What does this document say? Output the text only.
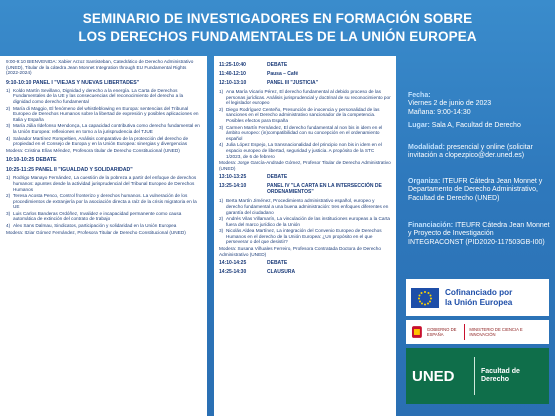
SEMINARIO DE INVESTIGADORES EN FORMACIÓN SOBRE
LOS DERECHOS FUNDAMENTALES DE LA UNIÓN EUROPEA

9:00-9:10 BIENVENIDA: Xabier Arzoz Santisteban, Catedrático de Derecho Administrativo (UNED), Titular de la cátedra Jean Monnet Integration through EU Fundamental Rights (2022-2024)

9:10-10:10 PANEL I "VIEJAS Y NUEVAS LIBERTADES"
1) Koldo Martín Sevillano, Dignidad y derecho a la energía. La Carta de Derechos Fundamentales de la UE y las consecuencias del reconocimiento del derecho a la dignidad como derecho fundamental
2) María di Maggio, El fenómeno del whistleblowing en Europa: sentencias del Tribunal Europeo de Derechos Humanos sobre la libertad de expresión y posibles aplicaciones en Italia y España
3) María Júlia Ildefonso Mendonça, La capacidad contributiva como derecho fundamental en la Unión Europea: reflexiones en torno a la jurisprudencia del TJUE
4) Salvador Martínez Rompeltien, Análisis comparativo de la protección del derecho de propiedad en el Consejo de Europa y en la Unión Europea: sinergias y divergencias

Modera: Cristina Elías Méndez, Profesora titular de Derecho Constitucional (UNED)

10:10-10:25 DEBATE
10:25-11:25 PANEL II "IGUALDAD Y SOLIDARIDAD"
1) Rodrigo Manayo Fernández, La cuestión de la pobreza a partir del enfoque de derechos humanos: apuntes desde la actividad jurisprudencial del Tribunal Europeo de Derechos Humanos
2) Teresa Acosta Penco, Control fronterizo y derechos humanos. La vulneración de los procedimientos de extranjería por la asociación directa a raíz de la crisis migratoria en la UE
3) Luis Carlos Banderas Ordóñez, Invalidez e incapacidad permanente como causa automática de extinción del contrato de trabajo
4) Alex Sans Dalmau, Sindicatos, participación y solidaridad en la Unión Europea

Modera: Itziar Gómez Fernández, Profesora Titular de Derecho Constitucional (UNED)

11:25-10:40	DEBATE
11:40-12:10	Pausa – Café
12:10-13:10	PANEL III "JUSTICIA"
1) Ana María Vicario Pérez, El derecho fundamental al debido proceso de las personas jurídicas. Análisis jurisprudencial y doctrinal de su reconocimiento por el legislador europeo
2) Diego Rodríguez Centeño, Presunción de inocencia y personalidad de las sanciones en el Derecho administrativo sancionador de la competencia. Posibles efectos para España
3) Carmen Martín Fernández, El derecho fundamental al non bis in idem en el ámbito europeo: (in)compatibilidad con su concepción en el ordenamiento español
4) Julia López Espejo, La transnacionalidad del principio non bis in idem en el espacio europeo de libertad, seguridad y justicia. A propósito de la STC 1/2023, de 6 de febrero

Modera: Jorge García-Andrade Gómez, Profesor Titular de Derecho Administrativo (UNED)

13:10-13:25	DEBATE
13:25-14:10	PANEL IV "LA CARTA EN LA INTERSECCIÓN DE ORDENAMIENTOS"
1) Berta Martín Jiménez, Procedimiento administrativo español, europeo y derecho fundamental a una buena administración: tres enfoques diferentes en garantía del ciudadano
2) Andrés Vilas Villamarín, La vinculación de las instituciones europeas a la Carta fuera del marco jurídico de la Unión
3) Nicolás Aldea Martínez, La integración del Convenio Europeo de Derechos Humanos en el derecho de la Unión Europea: ¿Un propósito en el que perseverar o del que desistir?

Modera: Susana Viñuales Ferreiro, Profesora Contratada Doctora de Derecho Administrativo (UNED)

14:10-14:25	DEBATE
14:25-14:30	CLAUSURA
Fecha:
Viernes 2 de junio de 2023
Mañana: 9:00-14:30
Lugar: Sala A, Facultad de Derecho
Modalidad: presencial y online (solicitar invitación a clopezpico@der.uned.es)
Organiza: ITEUFR Cátedra Jean Monnet y Departamento de Derecho Administrativo, Facultad de Derecho (UNED)
Financiación: ITEUFR Cátedra Jean Monnet y Proyecto de Investigación INTEGRACONST (PID2020-117503GB-I00)
Cofinanciado por
la Unión Europea
GOBIERNO DE ESPAÑA
MINISTERIO DE CIENCIA E INNOVACIÓN
UNED	Facultad de
Derecho
